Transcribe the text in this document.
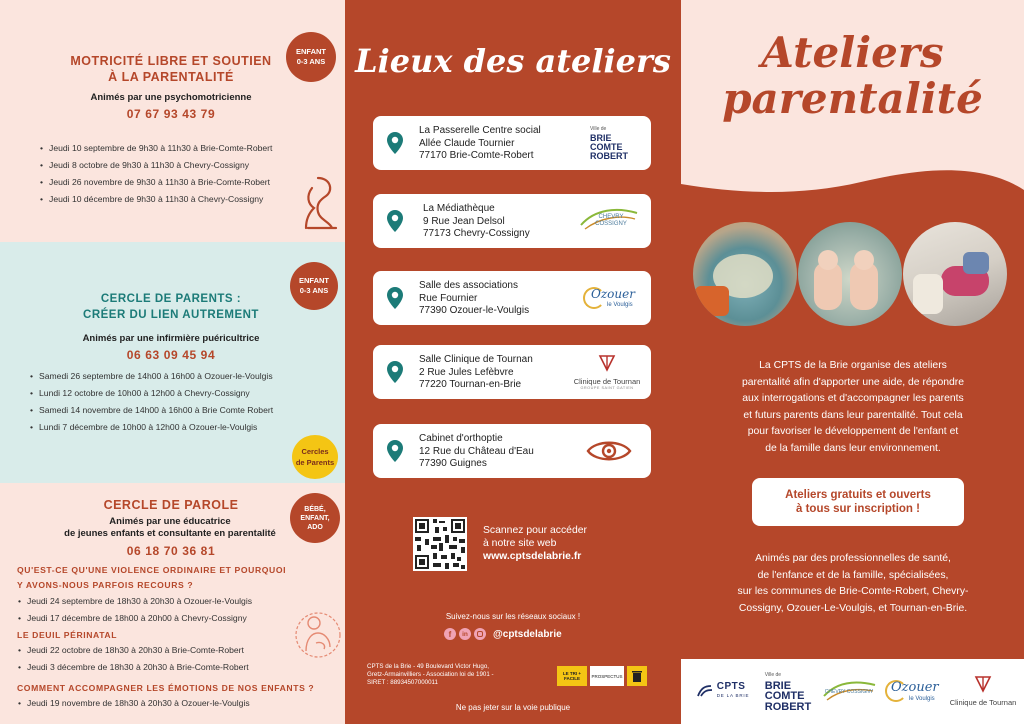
MOTRICITÉ LIBRE ET SOUTIEN
À LA PARENTALITÉ
ENFANT
0-3 ANS
Animés par une psychomotricienne
07 67 93 43 79
• Jeudi 10 septembre de 9h30 à 11h30 à Brie-Comte-Robert
• Jeudi 8 octobre de 9h30 à 11h30 à Chevry-Cossigny
• Jeudi 26 novembre de 9h30 à 11h30 à Brie-Comte-Robert
• Jeudi 10 décembre de 9h30 à 11h30 à Chevry-Cossigny
ENFANT
0-3 ANS
CERCLE DE PARENTS :
CRÉER DU LIEN AUTREMENT
Animés par une infirmière puéricultrice
06 63 09 45 94
• Samedi 26 septembre de 14h00 à 16h00 à Ozouer-le-Voulgis
• Lundi 12 octobre de 10h00 à 12h00 à Chevry-Cossigny
• Samedi 14 novembre de 14h00 à 16h00 à Brie Comte Robert
• Lundi 7 décembre de 10h00 à 12h00 à Ozouer-le-Voulgis
Cercles
de Parents
CERCLE DE PAROLE	BÉBÉ,
ENFANT,
ADO
Animés par une éducatrice
de jeunes enfants et consultante en parentalité
06 18 70 36 81
QU'EST-CE QU'UNE VIOLENCE ORDINAIRE ET POURQUOI
Y AVONS-NOUS PARFOIS RECOURS ?
• Jeudi 24 septembre de 18h30 à 20h30 à Ozouer-le-Voulgis
• Jeudi 17 décembre de 18h00 à 20h00 à Chevry-Cossigny
LE DEUIL PÉRINATAL
• Jeudi 22 octobre de 18h30 à 20h30 à Brie-Comte-Robert
• Jeudi 3 décembre de 18h30 à 20h30 à Brie-Comte-Robert
COMMENT ACCOMPAGNER LES ÉMOTIONS DE NOS ENFANTS ?
• Jeudi 19 novembre de 18h30 à 20h30 à Ozouer-le-Voulgis
Lieux des ateliers
La Passerelle Centre social
Allée Claude Tournier
77170 Brie-Comte-Robert
Ville de
BRIE
COMTE
ROBERT
La Médiathèque
9 Rue Jean Delsol
77173 Chevry-Cossigny
CHEVRY
COSSIGNY
Salle des associations
Rue Fournier
77390 Ozouer-le-Voulgis
Ozouer
le Voulgis
Salle Clinique de Tournan
2 Rue Jules Lefèbvre
77220 Tournan-en-Brie	Clinique de Tournan
GROUPE SAINT GATIEN
Cabinet d'orthoptie
12 Rue du Château d'Eau
77390 Guignes
Scannez pour accéder
à notre site web
www.cptsdelabrie.fr
Suivez-nous sur les réseaux sociaux !
f	in	@cptsdelabrie
CPTS de la Brie - 49 Boulevard Victor Hugo,
Gretz-Armainvilliers - Association loi de 1901 -
SIRET : 88934507000011
LE TRI + FACILE	PROSPECTUS
Ne pas jeter sur la voie publique
Ateliers
parentalité
La CPTS de la Brie organise des ateliers
parentalité afin d'apporter une aide, de répondre
aux interrogations et d'accompagner les parents
et futurs parents dans leur parentalité. Tout cela
pour favoriser le développement de l'enfant et
de la famille dans leur environnement.
Ateliers gratuits et ouverts
à tous sur inscription !
Animés par des professionnelles de santé,
de l'enfance et de la famille, spécialisées,
sur les communes de Brie-Comte-Robert, Chevry-
Cossigny, Ozouer-Le-Voulgis, et Tournan-en-Brie.
CPTS
DE LA BRIE
Ville de
BRIE
COMTE
ROBERT
CHEVRY COSSIGNY Ozouer
le Voulgis Clinique de Tournan
